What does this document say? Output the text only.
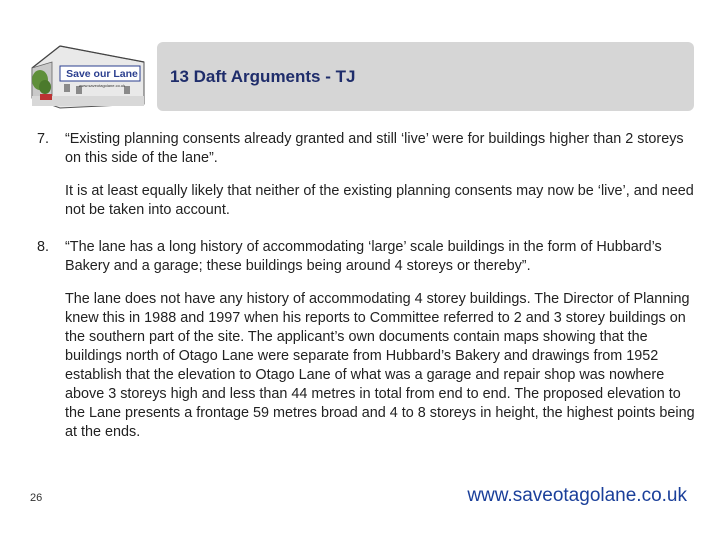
Save our Lane
www.saveotagolane.co.uk	13 Daft Arguments - TJ
7.	“Existing planning consents already granted and still ‘live’ were for buildings higher than 2 storeys on this side of the lane”.
It is at least equally likely that neither of the existing planning consents may now be ‘live’, and need not be taken into account.
8.	“The lane has a long history of accommodating ‘large’ scale buildings in the form of Hubbard’s Bakery and a garage; these buildings being around 4 storeys or thereby”.
The lane does not have any history of accommodating 4 storey buildings. The Director of Planning knew this in 1988 and 1997 when his reports to Committee referred to 2 and 3 storey buildings on the southern part of the site. The applicant’s own documents contain maps showing that the buildings north of Otago Lane were separate from Hubbard’s Bakery and drawings from 1952 establish that the elevation to Otago Lane of what was a garage and repair shop was nowhere above 3 storeys high and less than 44 metres in total from end to end. The proposed elevation to the Lane presents a frontage 59 metres broad and 4 to 8 storeys in height, the highest points being at the ends.
26	www.saveotagolane.co.uk
